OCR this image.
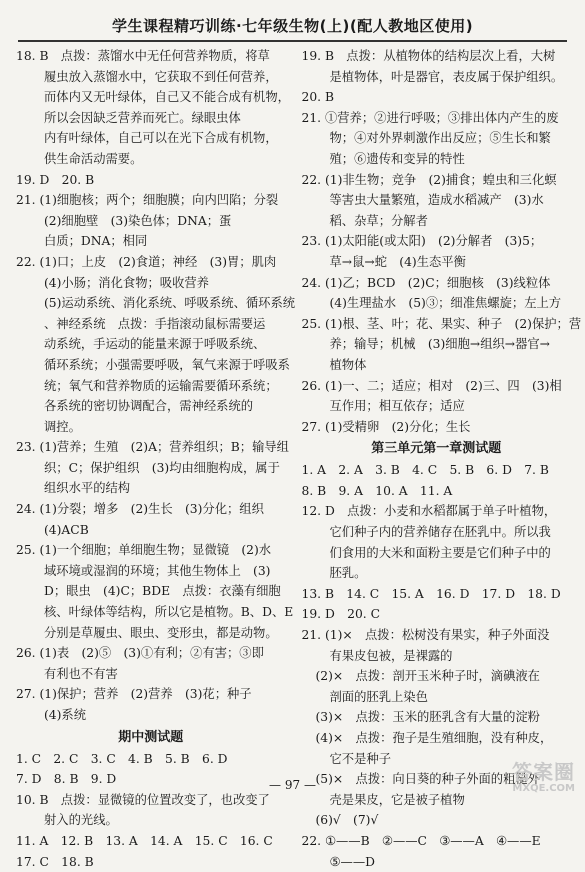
学生课程精巧训练·七年级生物(上)(配人教地区使用)
18. B　点拨：蒸馏水中无任何营养物质，将草
履虫放入蒸馏水中，它获取不到任何营养，
而体内又无叶绿体，自己又不能合成有机物，
所以会因缺乏营养而死亡。绿眼虫体
内有叶绿体，自己可以在光下合成有机物，
供生命活动需要。
19. D　20. B
21. (1)细胞核；两个；细胞膜；向内凹陷；分裂
(2)细胞壁　(3)染色体；DNA；蛋
白质；DNA；相同
22. (1)口；上皮　(2)食道；神经　(3)胃；肌肉
(4)小肠；消化食物；吸收营养
(5)运动系统、消化系统、呼吸系统、循环系统
、神经系统　点拨：手指滚动鼠标需要运
动系统，手运动的能量来源于呼吸系统、
循环系统；小强需要呼吸，氧气来源于呼吸系
统；氧气和营养物质的运输需要循环系统；
各系统的密切协调配合，需神经系统的
调控。
23. (1)营养；生殖　(2)A；营养组织；B；输导组
织；C；保护组织　(3)均由细胞构成，属于
组织水平的结构
24. (1)分裂；增多　(2)生长　(3)分化；组织
(4)ACB
25. (1)一个细胞；单细胞生物；显微镜　(2)水
域环境或湿润的环境；其他生物体上　(3)
D；眼虫　(4)C；BDE　点拨：衣藻有细胞
核、叶绿体等结构，所以它是植物。B、D、E
分别是草履虫、眼虫、变形虫，都是动物。
26. (1)表　(2)⑤　(3)①有利；②有害；③即
有利也不有害
27. (1)保护；营养　(2)营养　(3)花；种子
(4)系统
期中测试题
1. C　2. C　3. C　4. B　5. B　6. D
7. D　8. B　9. D
10. B　点拨：显微镜的位置改变了，也改变了
射入的光线。
11. A　12. B　13. A　14. A　15. C　16. C
17. C　18. B
19. B　点拨：从植物体的结构层次上看，大树
是植物体，叶是器官，表皮属于保护组织。
20. B
21. ①营养；②进行呼吸；③排出体内产生的废
物；④对外界刺激作出反应；⑤生长和繁
殖；⑥遗传和变异的特性
22. (1)非生物；竞争　(2)捕食；蝗虫和三化螟
等害虫大量繁殖，造成水稻减产　(3)水
稻、杂草；分解者
23. (1)太阳能(或太阳)　(2)分解者　(3)5；
草→鼠→蛇　(4)生态平衡
24. (1)乙；BCD　(2)C；细胞核　(3)线粒体
(4)生理盐水　(5)③；细准焦螺旋；左上方
25. (1)根、茎、叶；花、果实、种子　(2)保护；营
养；输导；机械　(3)细胞→组织→器官→
植物体
26. (1)一、二；适应；相对　(2)三、四　(3)相
互作用；相互依存；适应
27. (1)受精卵　(2)分化；生长
第三单元第一章测试题
1. A　2. A　3. B　4. C　5. B　6. D　7. B
8. B　9. A　10. A　11. A
12. D　点拨：小麦和水稻都属于单子叶植物，
它们种子内的营养储存在胚乳中。所以我
们食用的大米和面粉主要是它们种子中的
胚乳。
13. B　14. C　15. A　16. D　17. D　18. D
19. D　20. C
21. (1)×　点拨：松树没有果实，种子外面没
有果皮包被，是裸露的
(2)×　点拨：剖开玉米种子时，滴碘液在
剖面的胚乳上染色
(3)×　点拨：玉米的胚乳含有大量的淀粉
(4)×　点拨：孢子是生殖细胞，没有种皮，
它不是种子
(5)×　点拨：向日葵的种子外面的粗糙外
壳是果皮，它是被子植物
(6)√　(7)√
22. ①——B　②——C　③——A　④——E
⑤——D
— 97 —
答案圈
MXQE.COM
